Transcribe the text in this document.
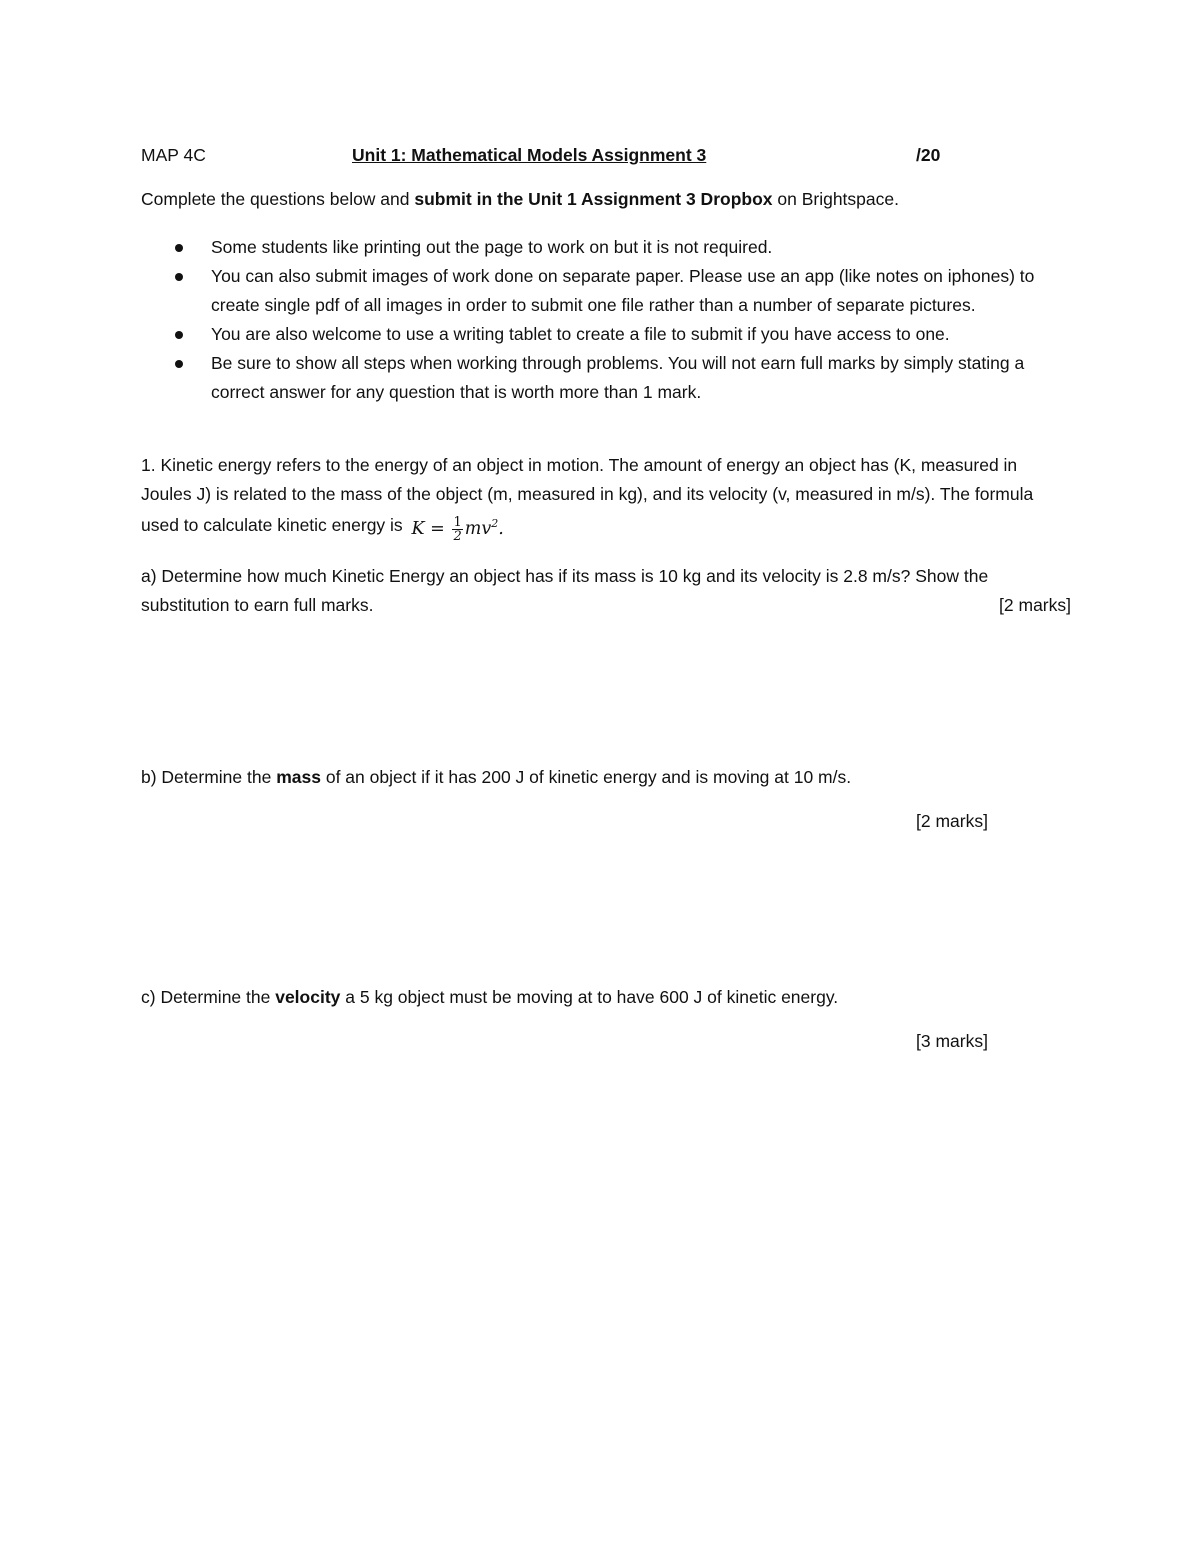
MAP 4C	Unit 1: Mathematical Models Assignment 3	/20
Complete the questions below and submit in the Unit 1 Assignment 3 Dropbox on Brightspace.
Some students like printing out the page to work on but it is not required.
You can also submit images of work done on separate paper. Please use an app (like notes on iphones) to create single pdf of all images in order to submit one file rather than a number of separate pictures.
You are also welcome to use a writing tablet to create a file to submit if you have access to one.
Be sure to show all steps when working through problems. You will not earn full marks by simply stating a correct answer for any question that is worth more than 1 mark.
1. Kinetic energy refers to the energy of an object in motion. The amount of energy an object has (K, measured in Joules J) is related to the mass of the object (m, measured in kg), and its velocity (v, measured in m/s). The formula used to calculate kinetic energy is $K = \frac{1}{2} mv^2$.
a) Determine how much Kinetic Energy an object has if its mass is 10 kg and its velocity is 2.8 m/s? Show the substitution to earn full marks.	[2 marks]
b) Determine the mass of an object if it has 200 J of kinetic energy and is moving at 10 m/s.
[2 marks]
c) Determine the velocity a 5 kg object must be moving at to have 600 J of kinetic energy.
[3 marks]
